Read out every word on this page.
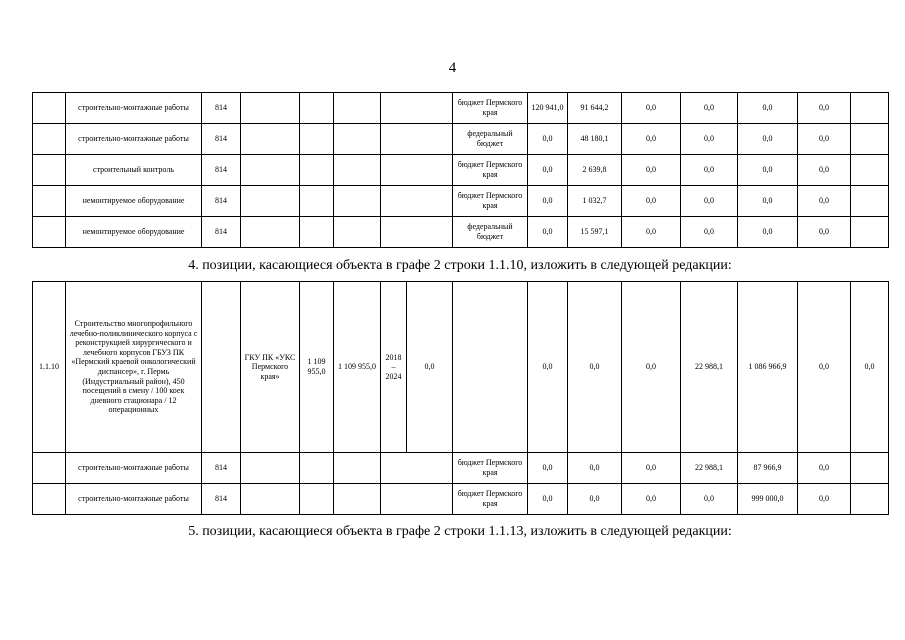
4
	строительно-монтажные работы	814					бюджет Пермского края	120 941,0	91 644,2	0,0	0,0	0,0	0,0	
	строительно-монтажные работы	814					федеральный бюджет	0,0	48 180,1	0,0	0,0	0,0	0,0	
	строительный контроль	814					бюджет Пермского края	0,0	2 639,8	0,0	0,0	0,0	0,0	
	немонтируемое оборудование	814					бюджет Пермского края	0,0	1 032,7	0,0	0,0	0,0	0,0	
	немонтируемое оборудование	814					федеральный бюджет	0,0	15 597,1	0,0	0,0	0,0	0,0	
4. позиции, касающиеся объекта в графе 2 строки 1.1.10, изложить в следующей редакции:
1.1.10	Строительство многопрофильного лечебно-поликлинического корпуса с реконструкцией хирургического и лечебного корпусов ГБУЗ ПК «Пермский краевой онкологический диспансер», г. Пермь (Индустриальный район), 450 посещений в смену / 100 коек дневного стационара / 12 операционных		ГКУ ПК «УКС Пермского края»	1 109 955,0	1 109 955,0	2018 – 2024	0,0		0,0	0,0	0,0	22 988,1	1 086 966,9	0,0	0,0
	строительно-монтажные работы	814						бюджет Пермского края	0,0	0,0	0,0	22 988,1	87 966,9	0,0	
	строительно-монтажные работы	814						бюджет Пермского края	0,0	0,0	0,0	0,0	999 000,0	0,0	
5. позиции, касающиеся объекта в графе 2 строки 1.1.13, изложить в следующей редакции:
